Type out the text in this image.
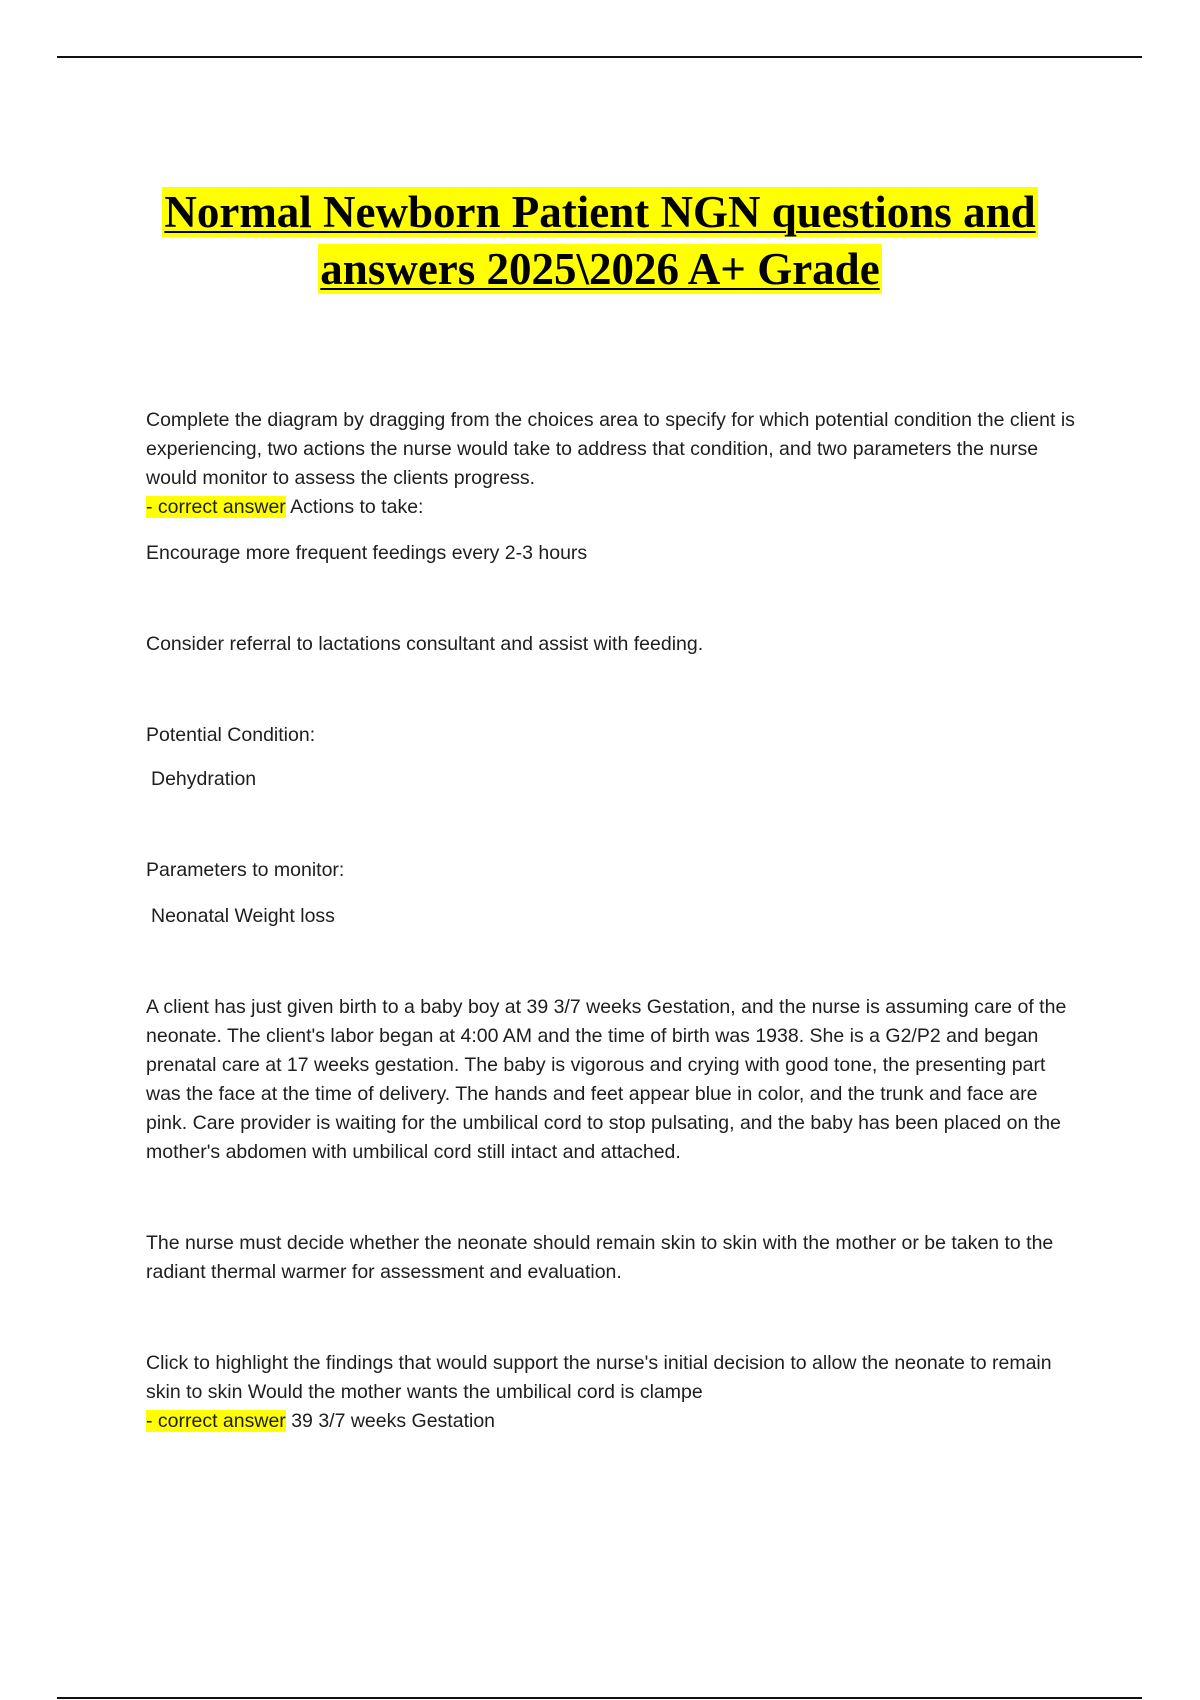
Normal Newborn Patient NGN questions and
answers 2025\2026 A+ Grade

Complete the diagram by dragging from the choices area to specify for which potential condition the client is experiencing, two actions the nurse would take to address that condition, and two parameters the nurse would monitor to assess the clients progress.

- correct answer Actions to take:

Encourage more frequent feedings every 2-3 hours

Consider referral to lactations consultant and assist with feeding.

Potential Condition:

Dehydration

Parameters to monitor:

Neonatal Weight loss

A client has just given birth to a baby boy at 39 3/7 weeks Gestation, and the nurse is assuming care of the neonate. The client's labor began at 4:00 AM and the time of birth was 1938. She is a G2/P2 and began prenatal care at 17 weeks gestation. The baby is vigorous and crying with good tone, the presenting part was the face at the time of delivery. The hands and feet appear blue in color, and the trunk and face are pink. Care provider is waiting for the umbilical cord to stop pulsating, and the baby has been placed on the mother's abdomen with umbilical cord still intact and attached.

The nurse must decide whether the neonate should remain skin to skin with the mother or be taken to the radiant thermal warmer for assessment and evaluation.

Click to highlight the findings that would support the nurse's initial decision to allow the neonate to remain skin to skin Would the mother wants the umbilical cord is clampe

- correct answer 39 3/7 weeks Gestation
